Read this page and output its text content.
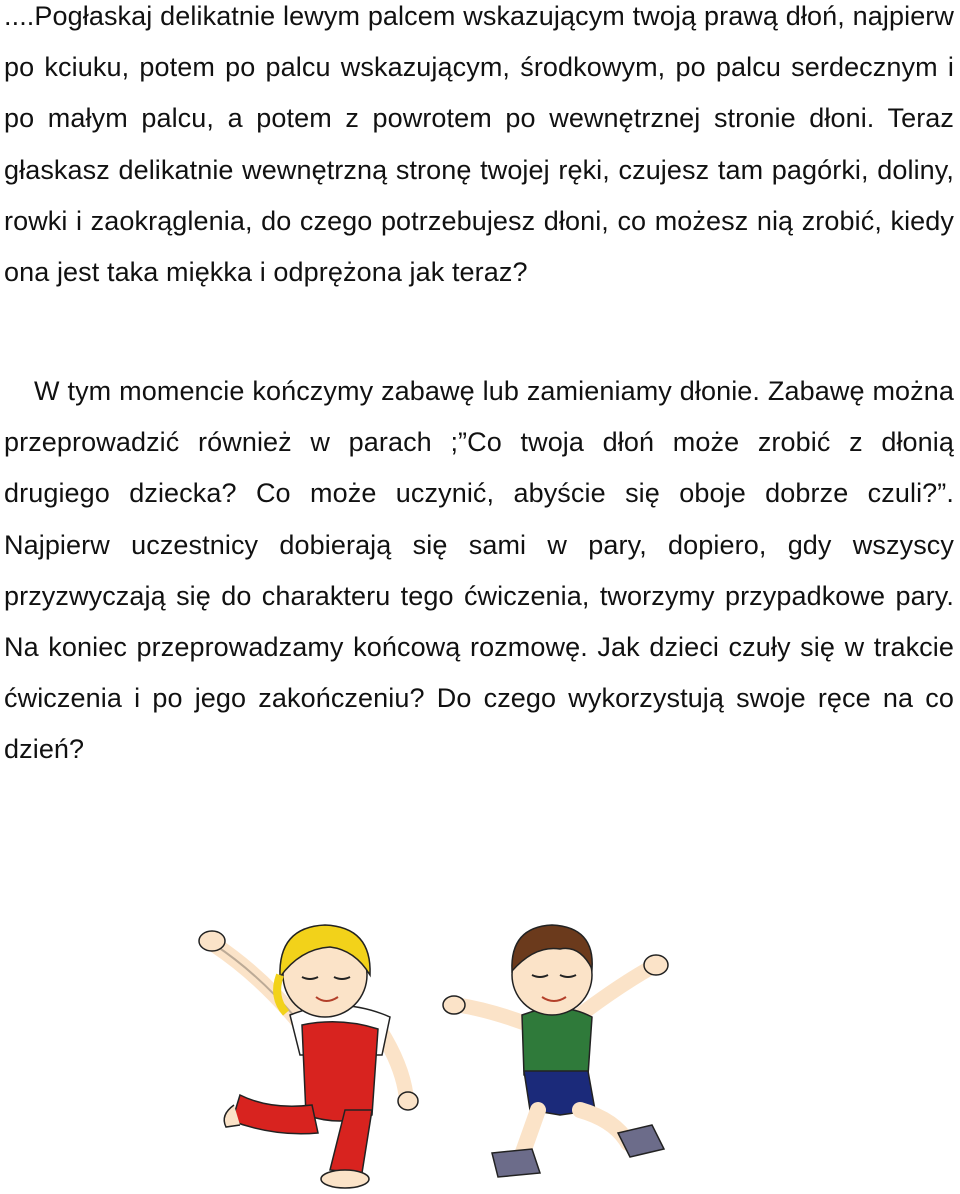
....Pogłaskaj delikatnie lewym palcem wskazującym twoją prawą dłoń, najpierw po kciuku, potem po palcu wskazującym, środkowym, po palcu serdecznym i po małym palcu, a potem z powrotem po wewnętrznej stronie dłoni. Teraz głaskasz delikatnie wewnętrzną stronę twojej ręki, czujesz tam pagórki, doliny, rowki i zaokrąglenia, do czego potrzebujesz dłoni, co możesz nią zrobić, kiedy ona jest taka miękka i odprężona jak teraz?
W tym momencie kończymy zabawę lub zamieniamy dłonie. Zabawę można przeprowadzić również w parach ;”Co twoja dłoń może zrobić z dłonią drugiego dziecka? Co może uczynić, abyście się oboje dobrze czuli?”. Najpierw uczestnicy dobierają się sami w pary, dopiero, gdy wszyscy przyzwyczają się do charakteru tego ćwiczenia, tworzymy przypadkowe pary. Na koniec przeprowadzamy końcową rozmowę. Jak dzieci czuły się w trakcie ćwiczenia i po jego zakończeniu? Do czego wykorzystują swoje ręce na co dzień?
